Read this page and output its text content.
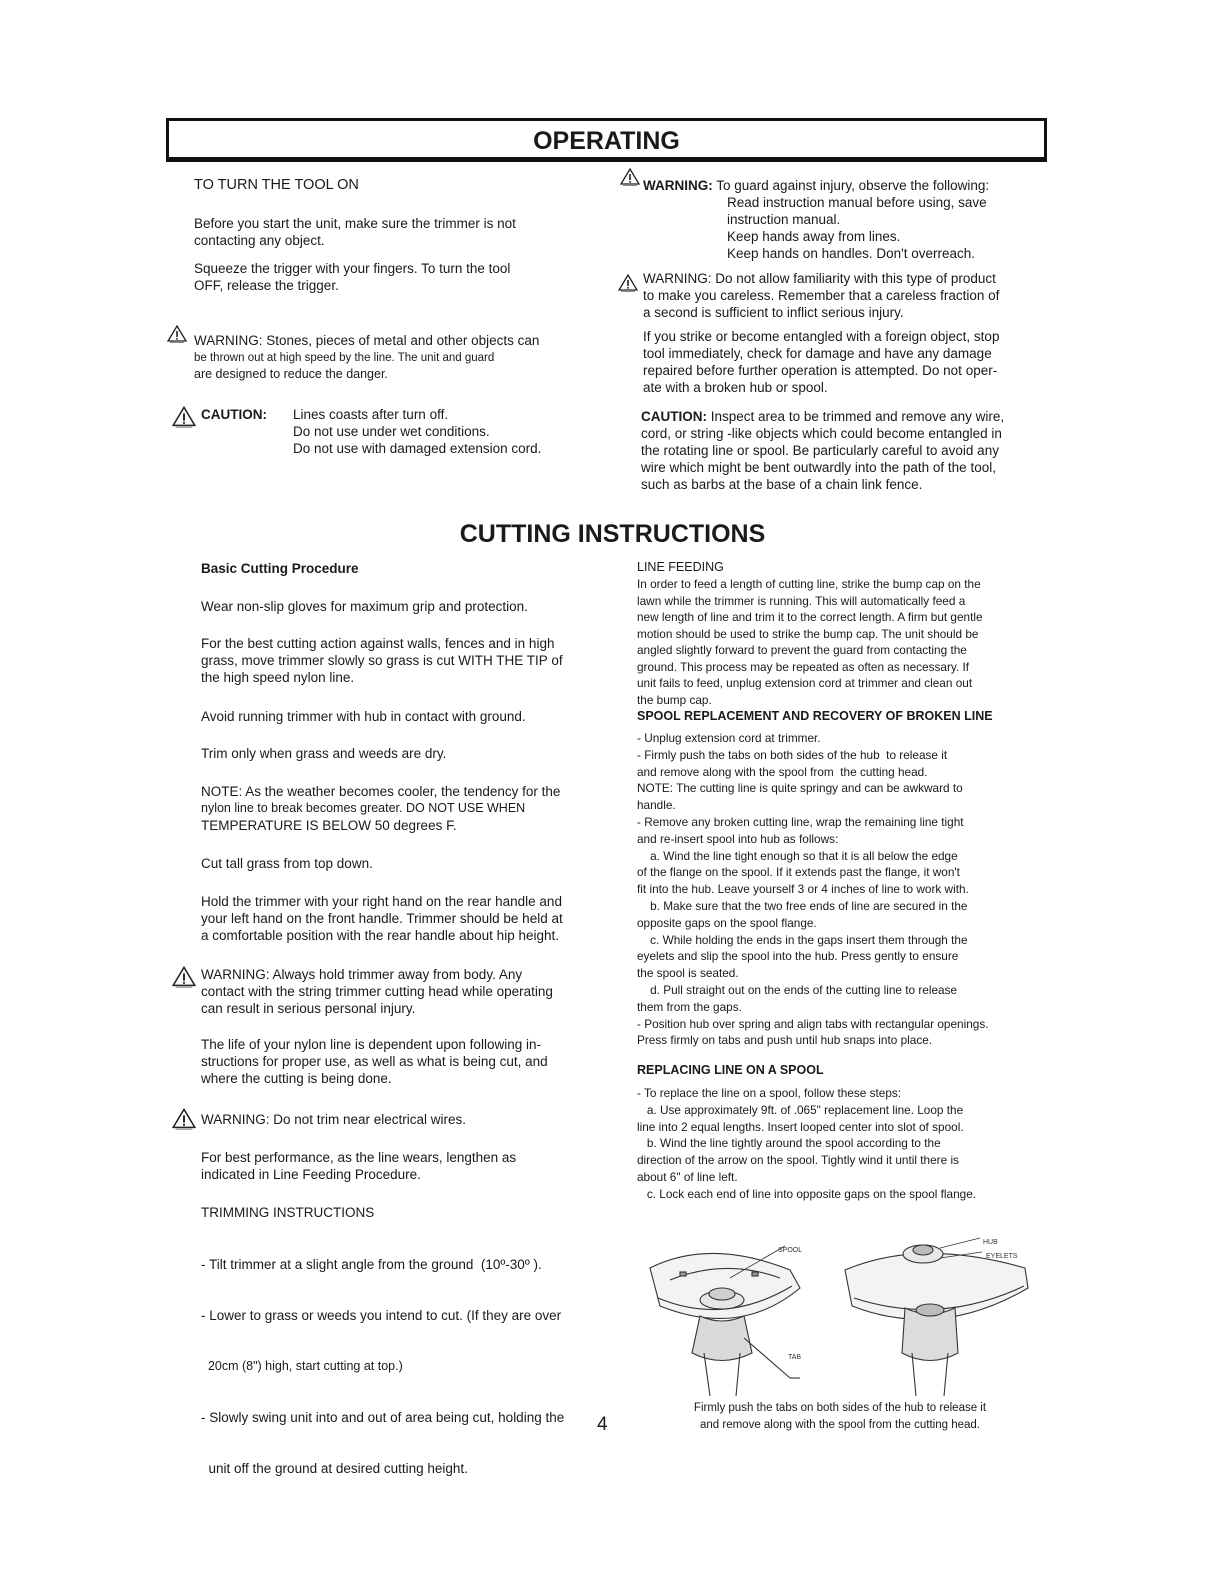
OPERATING
TO TURN THE TOOL ON
Before you start the unit, make sure the trimmer is not
contacting any object.
Squeeze the trigger with your fingers. To turn the tool
OFF, release the trigger.
WARNING: Stones, pieces of metal and other objects can
be thrown out at high speed by the line. The unit and guard
are designed to reduce the danger.
CAUTION: Lines coasts after turn off.
Do not use under wet conditions.
Do not use with damaged extension cord.
WARNING: To guard against injury, observe the following:
Read instruction manual before using, save
instruction manual.
Keep hands away from lines.
Keep hands on handles. Don't overreach.
WARNING: Do not allow familiarity with this type of product
to make you careless. Remember that a careless fraction of
a second is sufficient to inflict serious injury.
If you strike or become entangled with a foreign object, stop
tool immediately, check for damage and have any damage
repaired before further operation is attempted. Do not oper-
ate with a broken hub or spool.
CAUTION: Inspect area to be trimmed and remove any wire,
cord, or string -like objects which could become entangled in
the rotating line or spool. Be particularly careful to avoid any
wire which might be bent outwardly into the path of the tool,
such as barbs at the base of a chain link fence.
CUTTING INSTRUCTIONS
Basic Cutting Procedure
Wear non-slip gloves for maximum grip and protection.
For the best cutting action against walls, fences and in high
grass, move trimmer slowly so grass is cut WITH THE TIP of
the high speed nylon line.
Avoid running trimmer with hub in contact with ground.
Trim only when grass and weeds are dry.
NOTE: As the weather becomes cooler, the tendency for the
nylon line to break becomes greater. DO NOT USE WHEN
TEMPERATURE IS BELOW 50 degrees F.
Cut tall grass from top down.
Hold the trimmer with your right hand on the rear handle and
your left hand on the front handle. Trimmer should be held at
a comfortable position with the rear handle about hip height.
WARNING: Always hold trimmer away from body. Any
contact with the string trimmer cutting head while operating
can result in serious personal injury.
The life of your nylon line is dependent upon following in-
structions for proper use, as well as what is being cut, and
where the cutting is being done.
WARNING: Do not trim near electrical wires.
For best performance, as the line wears, lengthen as
indicated in Line Feeding Procedure.
TRIMMING INSTRUCTIONS

- Tilt trimmer at a slight angle from the ground  (10º-30º ).

- Lower to grass or weeds you intend to cut. (If they are over

20cm (8") high, start cutting at top.)

- Slowly swing unit into and out of area being cut, holding the

unit off the ground at desired cutting height.

LINE FEEDING
In order to feed a length of cutting line, strike the bump cap on the
lawn while the trimmer is running. This will automatically feed a
new length of line and trim it to the correct length. A firm but gentle
motion should be used to strike the bump cap. The unit should be
angled slightly forward to prevent the guard from contacting the
ground. This process may be repeated as often as necessary. If
unit fails to feed, unplug extension cord at trimmer and clean out
the bump cap.
SPOOL REPLACEMENT AND RECOVERY OF BROKEN LINE
- Unplug extension cord at trimmer.
- Firmly push the tabs on both sides of the hub  to release it
and remove along with the spool from  the cutting head.
NOTE: The cutting line is quite springy and can be awkward to
handle.
- Remove any broken cutting line, wrap the remaining line tight
and re-insert spool into hub as follows:
a. Wind the line tight enough so that it is all below the edge
of the flange on the spool. If it extends past the flange, it won't
fit into the hub. Leave yourself 3 or 4 inches of line to work with.
b. Make sure that the two free ends of line are secured in the
opposite gaps on the spool flange.
c. While holding the ends in the gaps insert them through the
eyelets and slip the spool into the hub. Press gently to ensure
the spool is seated.
d. Pull straight out on the ends of the cutting line to release
them from the gaps.
- Position hub over spring and align tabs with rectangular openings.
Press firmly on tabs and push until hub snaps into place.
REPLACING LINE ON A SPOOL
- To replace the line on a spool, follow these steps:
a. Use approximately 9ft. of .065" replacement line. Loop the
line into 2 equal lengths. Insert looped center into slot of spool.
b. Wind the line tightly around the spool according to the
direction of the arrow on the spool. Tightly wind it until there is
about 6" of line left.
c. Lock each end of line into opposite gaps on the spool flange.
SPOOL
TAB
HUB
EYELETS
Firmly push the tabs on both sides of the hub to release it
and remove along with the spool from the cutting head.
4
